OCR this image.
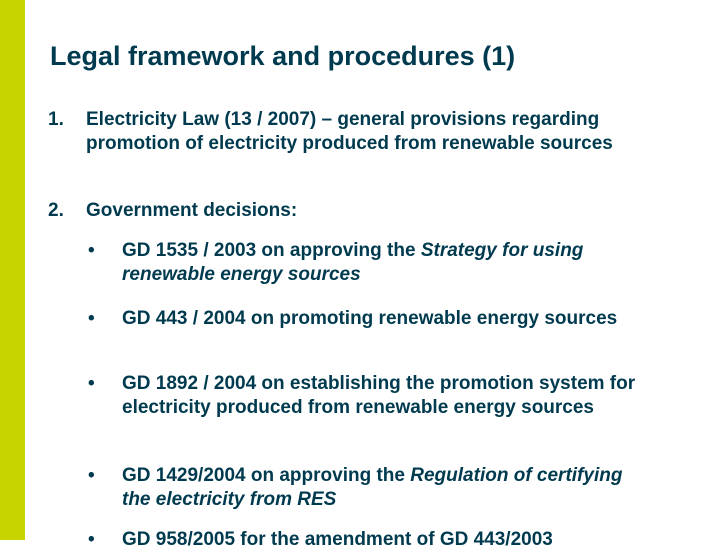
Legal framework and procedures (1)
1. Electricity Law (13 / 2007) – general provisions regarding promotion of electricity produced from renewable sources
2. Government decisions:
• GD 1535 / 2003 on approving the Strategy for using renewable energy sources
• GD 443 / 2004 on promoting renewable energy sources
• GD 1892 / 2004 on establishing the promotion system for electricity produced from renewable energy sources
• GD 1429/2004 on approving the Regulation of certifying the electricity from RES
• GD 958/2005 for the amendment of GD 443/2003
